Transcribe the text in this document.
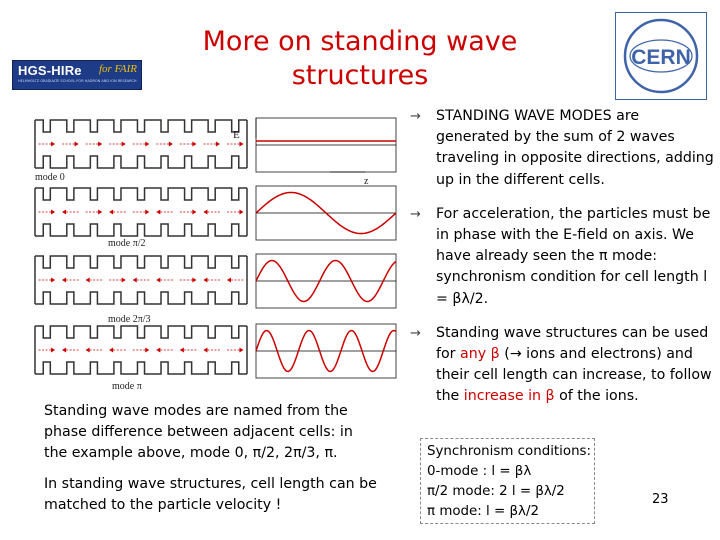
More on standing wave
structures
HGS-HIRe for FAIR
HELMHOLTZ GRADUATE SCHOOL FOR HADRON AND ION RESEARCH
CERN
mode 0
mode π/2
mode 2π/3
mode π
E
z
→ STANDING WAVE MODES are generated by the sum of 2 waves traveling in opposite directions, adding up in the different cells.
→ For acceleration, the particles must be in phase with the E-field on axis. We have already seen the π mode: synchronism condition for cell length l = βλ/2.
→ Standing wave structures can be used for any β (→ ions and electrons) and their cell length can increase, to follow the increase in β of the ions.

Standing wave modes are named from the phase difference between adjacent cells: in the example above, mode 0, π/2, 2π/3, π.

In standing wave structures, cell length can be matched to the particle velocity !

Synchronism conditions:
0-mode : l = βλ
π/2 mode: 2 l = βλ/2
π mode: l = βλ/2
23
